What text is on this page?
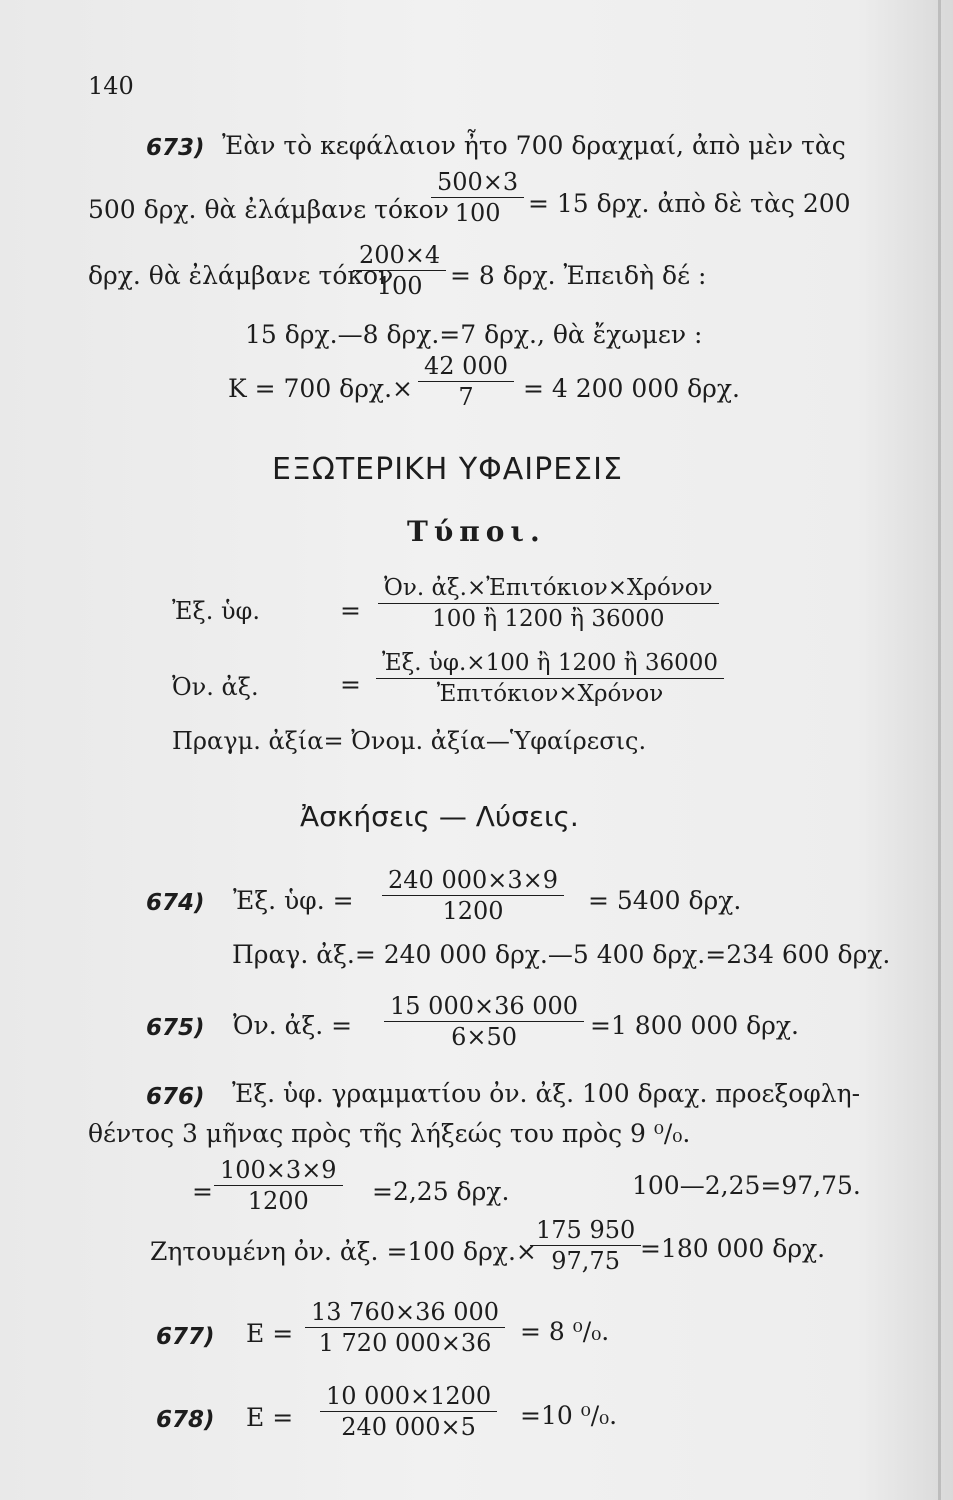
140
673) Ἐὰν τὸ κεφάλαιον ἦτο 700 δραχμαί, ἀπὸ μὲν τὰς
500 δρχ. θὰ ἐλάμβανε τόκον
$\frac{500\times 3}{100} = 15$ δρχ. ἀπὸ δὲ τὰς 200
δρχ. θὰ ἐλάμβανε τόκον
$\frac{200\times 4}{100} = 8$ δρχ. Ἐπειδὴ δέ :
15 δρχ.—8 δρχ.=7 δρχ., θὰ ἔχωμεν :
Κ = 700 $\delta\rho\chi.\times \frac{42 000}{7} = 4$ 200 000 δρχ.
ΕΞΩΤΕΡΙΚΗ ΥΦΑΙΡΕΣΙΣ
Τύποι.
Ἐξ. ὑφ.	=
Ὀν. ἀξ.×Ἐπιτόκιον×Χρόνον
100 ἢ 1200 ἢ 36000
Ὀν. ἀξ.	=
Ἐξ. ὑφ.×100 ἢ 1200 ἢ 36000
Ἐπιτόκιον×Χρόνον
Πραγμ. ἀξία= Ὀνομ. ἀξία—Ὑφαίρεσις.
Ἀσκήσεις — Λύσεις.
674) Ἐξ. ὑφ. = $\frac{240 000\times 3\times 9}{1200} = 5400$ δρχ.
Πραγ. ἀξ.= 240 000 δρχ.—5 400 δρχ.=234 600 δρχ.
675) Ὀν. ἀξ. = $\frac{15 000\times 36 000}{6\times 50} =1$ 800 000 δρχ.
676) Ἐξ. ὑφ. γραμματίου ὀν. ἀξ. 100 δραχ. προεξοφλη-
θέντος 3 μῆνας πρὸς τῆς λήξεώς του πρὸς 9 ⁰/₀.
= $\frac{100\times 3\times 9}{1200} =2,25$ δρχ.	100—2,25=97,75.
Ζητουμένη ὀν. ἀξ. =100 δρχ.×
$\frac{175 950}{97,75}$
=180 000 δρχ.
677) $E = \frac{13 760\times 36 000}{1 720 000\times 36} = 8$ ⁰/₀.
678) $E = \frac{10 000\times 1200}{240 000\times 5} =10$ ⁰/₀.
